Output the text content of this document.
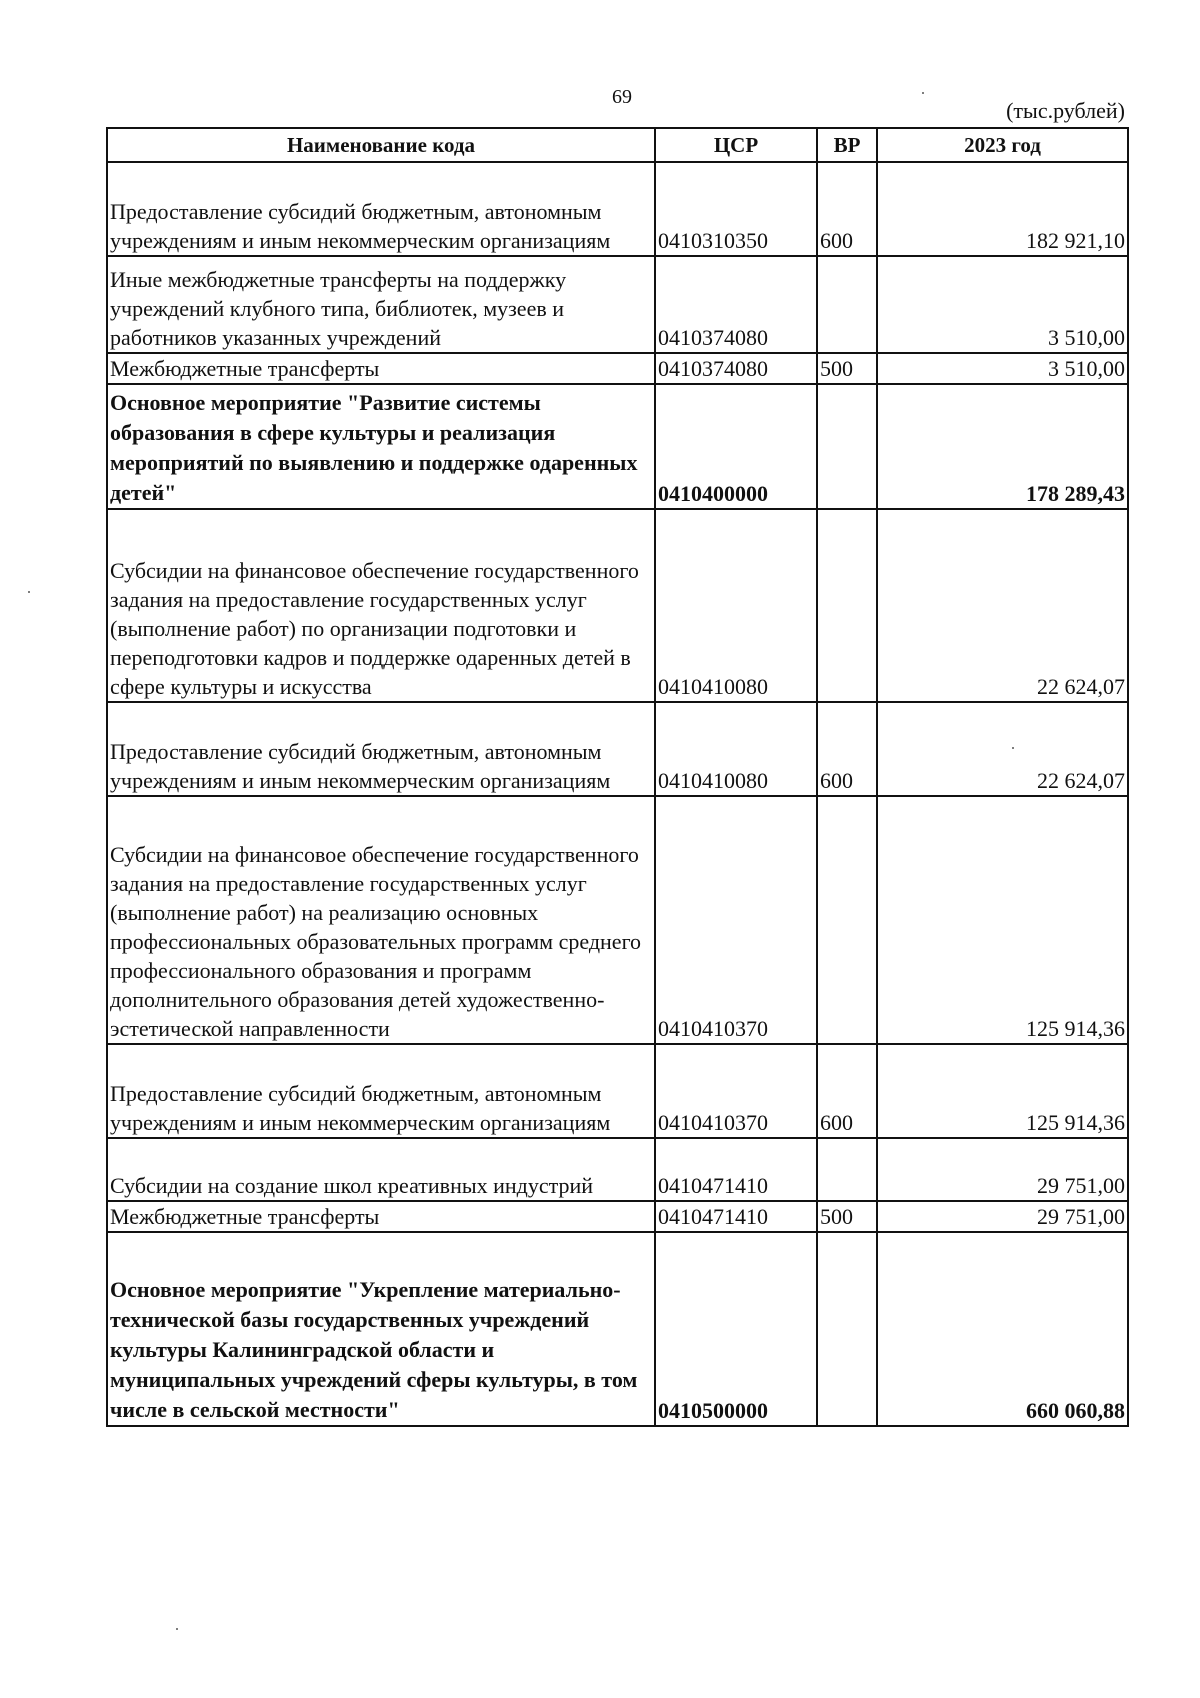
69
(тыс.рублей)
Наименование кода	ЦСР	ВР	2023 год
Предоставление субсидий бюджетным, автономным учреждениям и иным некоммерческим организациям	0410310350	600	182 921,10
Иные межбюджетные трансферты на поддержку учреждений клубного типа, библиотек, музеев и работников указанных учреждений	0410374080		3 510,00
Межбюджетные трансферты	0410374080	500	3 510,00
Основное мероприятие "Развитие системы образования в сфере культуры и реализация мероприятий по выявлению и поддержке одаренных детей"	0410400000		178 289,43
Субсидии на финансовое обеспечение государственного задания на предоставление государственных услуг (выполнение работ) по организации подготовки и переподготовки кадров и поддержке одаренных детей в сфере культуры и искусства	0410410080		22 624,07
Предоставление субсидий бюджетным, автономным учреждениям и иным некоммерческим организациям	0410410080	600	22 624,07
Субсидии на финансовое обеспечение государственного задания на предоставление государственных услуг (выполнение работ) на реализацию основных профессиональных образовательных программ среднего профессионального образования и программ дополнительного образования детей художественно-эстетической направленности	0410410370		125 914,36
Предоставление субсидий бюджетным, автономным учреждениям и иным некоммерческим организациям	0410410370	600	125 914,36
Субсидии на создание школ креативных индустрий	0410471410		29 751,00
Межбюджетные трансферты	0410471410	500	29 751,00
Основное мероприятие "Укрепление материально-технической базы государственных учреждений культуры Калининградской области и муниципальных учреждений сферы культуры, в том числе в сельской местности"	0410500000		660 060,88
